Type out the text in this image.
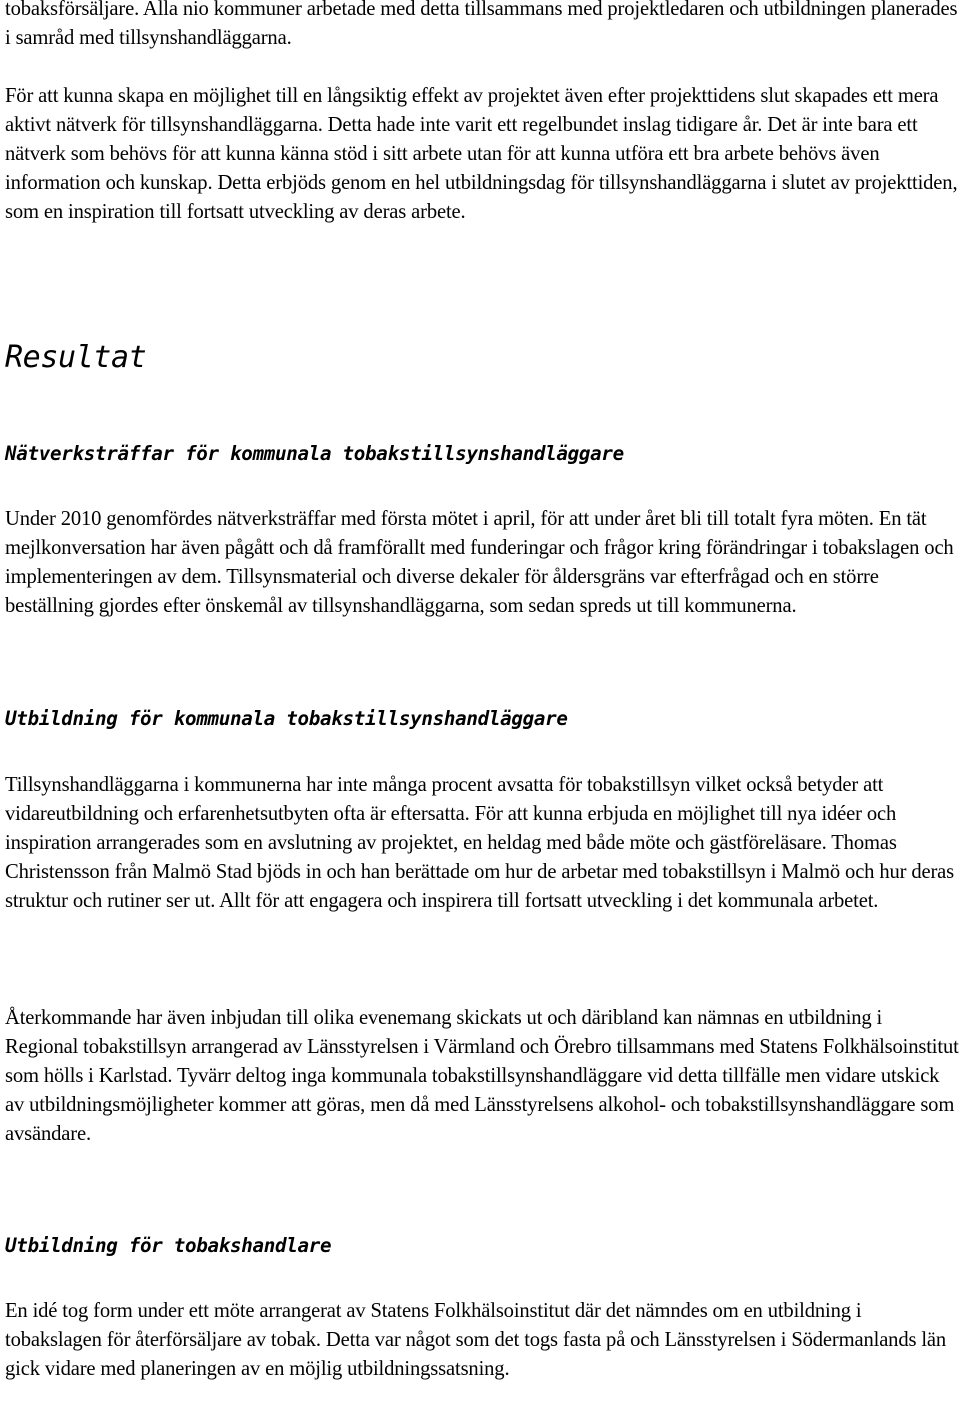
tobaksförsäljare. Alla nio kommuner arbetade med detta tillsammans med projektledaren och utbildningen planerades i samråd med tillsynshandläggarna.

För att kunna skapa en möjlighet till en långsiktig effekt av projektet även efter projekttidens slut skapades ett mera aktivt nätverk för tillsynshandläggarna. Detta hade inte varit ett regelbundet inslag tidigare år. Det är inte bara ett nätverk som behövs för att kunna känna stöd i sitt arbete utan för att kunna utföra ett bra arbete behövs även information och kunskap. Detta erbjöds genom en hel utbildningsdag för tillsynshandläggarna i slutet av projekttiden, som en inspiration till fortsatt utveckling av deras arbete.

Resultat
Nätverksträffar för kommunala tobakstillsynshandläggare

Under 2010 genomfördes nätverksträffar med första mötet i april, för att under året bli till totalt fyra möten. En tät mejlkonversation har även pågått och då framförallt med funderingar och frågor kring förändringar i tobakslagen och implementeringen av dem. Tillsynsmaterial och diverse dekaler för åldersgräns var efterfrågad och en större beställning gjordes efter önskemål av tillsynshandläggarna, som sedan spreds ut till kommunerna.

Utbildning för kommunala tobakstillsynshandläggare

Tillsynshandläggarna i kommunerna har inte många procent avsatta för tobakstillsyn vilket också betyder att vidareutbildning och erfarenhetsutbyten ofta är eftersatta. För att kunna erbjuda en möjlighet till nya idéer och inspiration arrangerades som en avslutning av projektet, en heldag med både möte och gästföreläsare. Thomas Christensson från Malmö Stad bjöds in och han berättade om hur de arbetar med tobakstillsyn i Malmö och hur deras struktur och rutiner ser ut. Allt för att engagera och inspirera till fortsatt utveckling i det kommunala arbetet.

Återkommande har även inbjudan till olika evenemang skickats ut och däribland kan nämnas en utbildning i Regional tobakstillsyn arrangerad av Länsstyrelsen i Värmland och Örebro tillsammans med Statens Folkhälsoinstitut som hölls i Karlstad. Tyvärr deltog inga kommunala tobakstillsynshandläggare vid detta tillfälle men vidare utskick av utbildningsmöjligheter kommer att göras, men då med Länsstyrelsens alkohol- och tobakstillsynshandläggare som avsändare.

Utbildning för tobakshandlare

En idé tog form under ett möte arrangerat av Statens Folkhälsoinstitut där det nämndes om en utbildning i tobakslagen för återförsäljare av tobak. Detta var något som det togs fasta på och Länsstyrelsen i Södermanlands län gick vidare med planeringen av en möjlig utbildningssatsning.
